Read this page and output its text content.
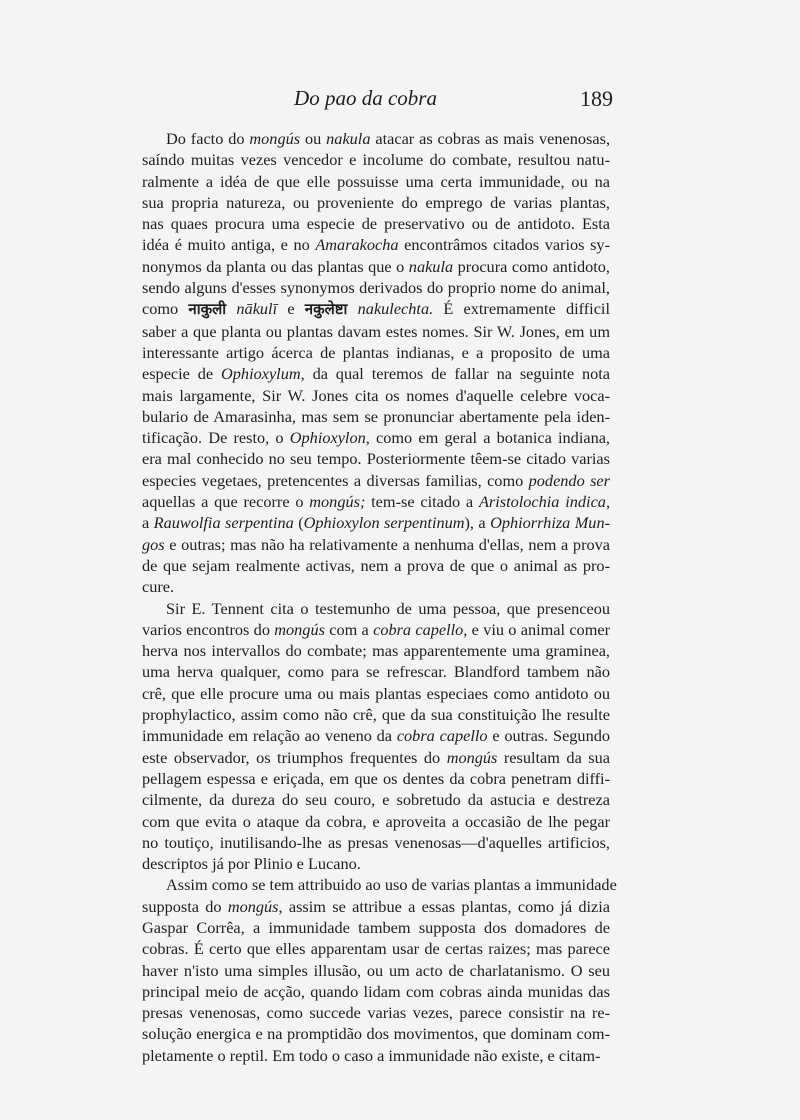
Do pao da cobra	189
Do facto do mongús ou nakula atacar as cobras as mais venenosas,
saíndo muitas vezes vencedor e incolume do combate, resultou natu-
ralmente a idéa de que elle possuisse uma certa immunidade, ou na
sua propria natureza, ou proveniente do emprego de varias plantas,
nas quaes procura uma especie de preservativo ou de antidoto. Esta
idéa é muito antiga, e no Amarakocha encontrâmos citados varios sy-
nonymos da planta ou das plantas que o nakula procura como antidoto,
sendo alguns d'esses synonymos derivados do proprio nome do animal,
como नाकुली nākulī e नकुलेष्टा nakulechta. É extremamente difficil
saber a que planta ou plantas davam estes nomes. Sir W. Jones, em um
interessante artigo ácerca de plantas indianas, e a proposito de uma
especie de Ophioxylum, da qual teremos de fallar na seguinte nota
mais largamente, Sir W. Jones cita os nomes d'aquelle celebre voca-
bulario de Amarasinha, mas sem se pronunciar abertamente pela iden-
tificação. De resto, o Ophioxylon, como em geral a botanica indiana,
era mal conhecido no seu tempo. Posteriormente têem-se citado varias
especies vegetaes, pretencentes a diversas familias, como podendo ser
aquellas a que recorre o mongús; tem-se citado a Aristolochia indica,
a Rauwolfia serpentina (Ophioxylon serpentinum), a Ophiorrhiza Mun-
gos e outras; mas não ha relativamente a nenhuma d'ellas, nem a prova
de que sejam realmente activas, nem a prova de que o animal as pro-
cure.
Sir E. Tennent cita o testemunho de uma pessoa, que presenceou
varios encontros do mongús com a cobra capello, e viu o animal comer
herva nos intervallos do combate; mas apparentemente uma graminea,
uma herva qualquer, como para se refrescar. Blandford tambem não
crê, que elle procure uma ou mais plantas especiaes como antidoto ou
prophylactico, assim como não crê, que da sua constituição lhe resulte
immunidade em relação ao veneno da cobra capello e outras. Segundo
este observador, os triumphos frequentes do mongús resultam da sua
pellagem espessa e eriçada, em que os dentes da cobra penetram diffi-
cilmente, da dureza do seu couro, e sobretudo da astucia e destreza
com que evita o ataque da cobra, e aproveita a occasião de lhe pegar
no toutiço, inutilisando-lhe as presas venenosas—d'aquelles artificios,
descriptos já por Plinio e Lucano.
Assim como se tem attribuido ao uso de varias plantas a immunidade
supposta do mongús, assim se attribue a essas plantas, como já dizia
Gaspar Corrêa, a immunidade tambem supposta dos domadores de
cobras. É certo que elles apparentam usar de certas raizes; mas parece
haver n'isto uma simples illusão, ou um acto de charlatanismo. O seu
principal meio de acção, quando lidam com cobras ainda munidas das
presas venenosas, como succede varias vezes, parece consistir na re-
solução energica e na promptidão dos movimentos, que dominam com-
pletamente o reptil. Em todo o caso a immunidade não existe, e citam-
